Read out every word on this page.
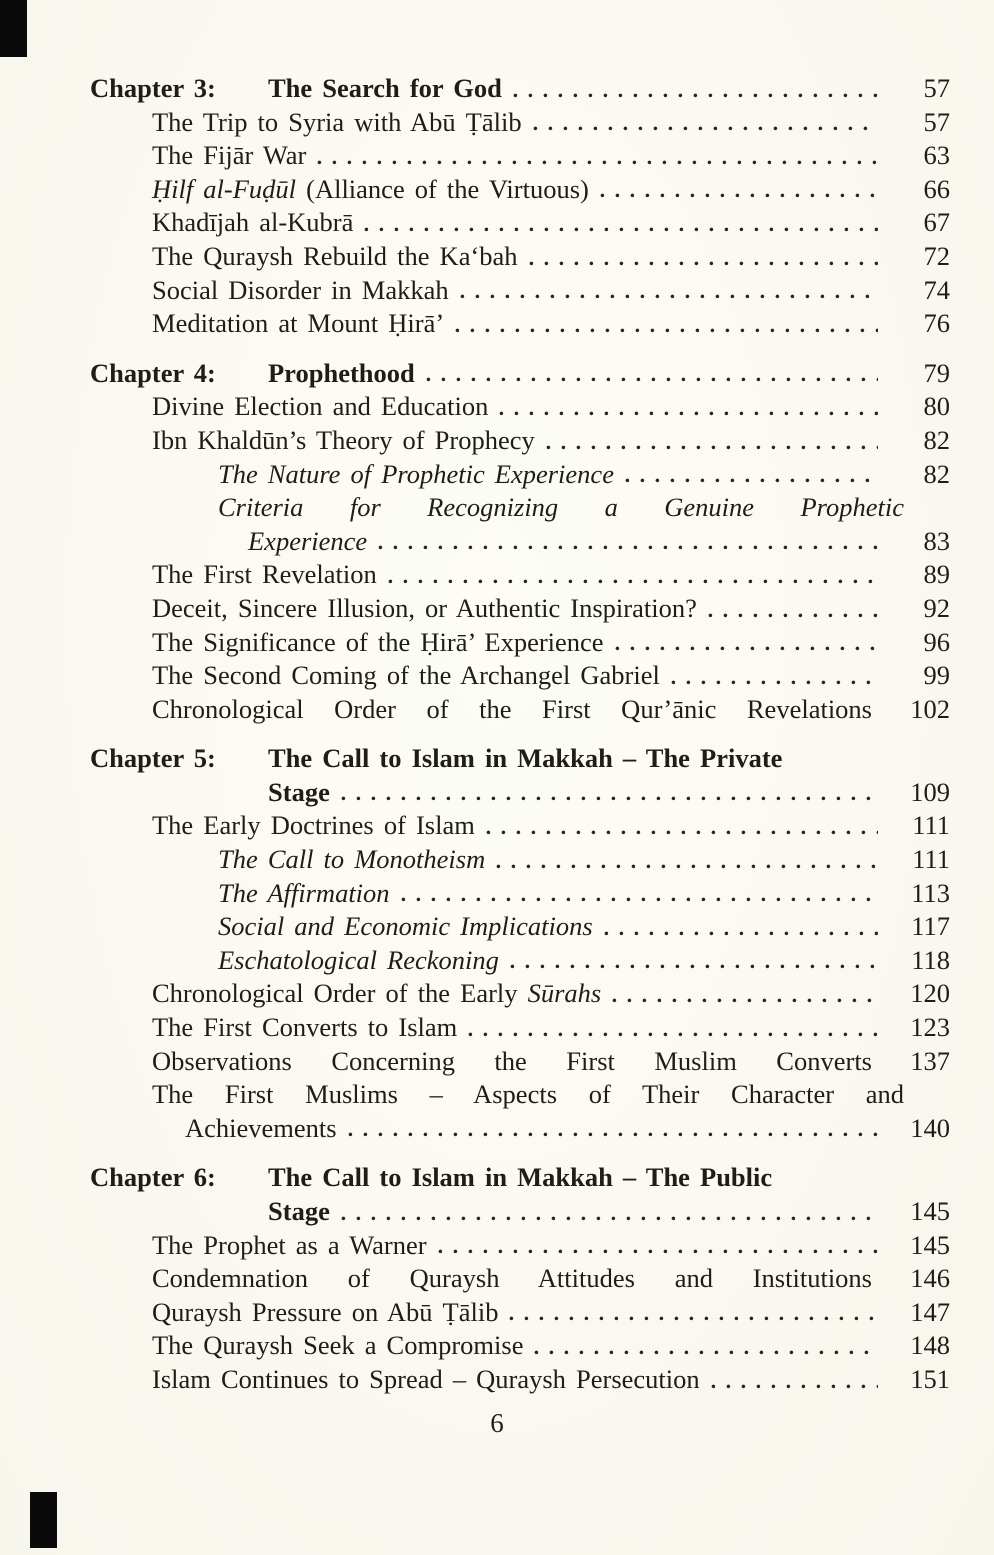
Chapter 3:	The Search for God	57
The Trip to Syria with Abū Ṭālib	57
The Fijār War	63
Ḥilf al-Fuḍūl (Alliance of the Virtuous)	66
Khadījah al-Kubrā	67
The Quraysh Rebuild the Ka‘bah	72
Social Disorder in Makkah	74
Meditation at Mount Ḥirā’	76
Chapter 4:	Prophethood	79
Divine Election and Education	80
Ibn Khaldūn’s Theory of Prophecy	82
The Nature of Prophetic Experience	82
Criteria for Recognizing a Genuine Prophetic
Experience	83
The First Revelation	89
Deceit, Sincere Illusion, or Authentic Inspiration?	92
The Significance of the Ḥirā’ Experience	96
The Second Coming of the Archangel Gabriel	99
Chronological Order of the First Qur’ānic Revelations	102
Chapter 5:	The Call to Islam in Makkah – The Private
Stage	109
The Early Doctrines of Islam	111
The Call to Monotheism	111
The Affirmation	113
Social and Economic Implications	117
Eschatological Reckoning	118
Chronological Order of the Early Sūrahs	120
The First Converts to Islam	123
Observations Concerning the First Muslim Converts	137
The First Muslims – Aspects of Their Character and
Achievements	140
Chapter 6:	The Call to Islam in Makkah – The Public
Stage	145
The Prophet as a Warner	145
Condemnation of Quraysh Attitudes and Institutions	146
Quraysh Pressure on Abū Ṭālib	147
The Quraysh Seek a Compromise	148
Islam Continues to Spread – Quraysh Persecution	151
6
